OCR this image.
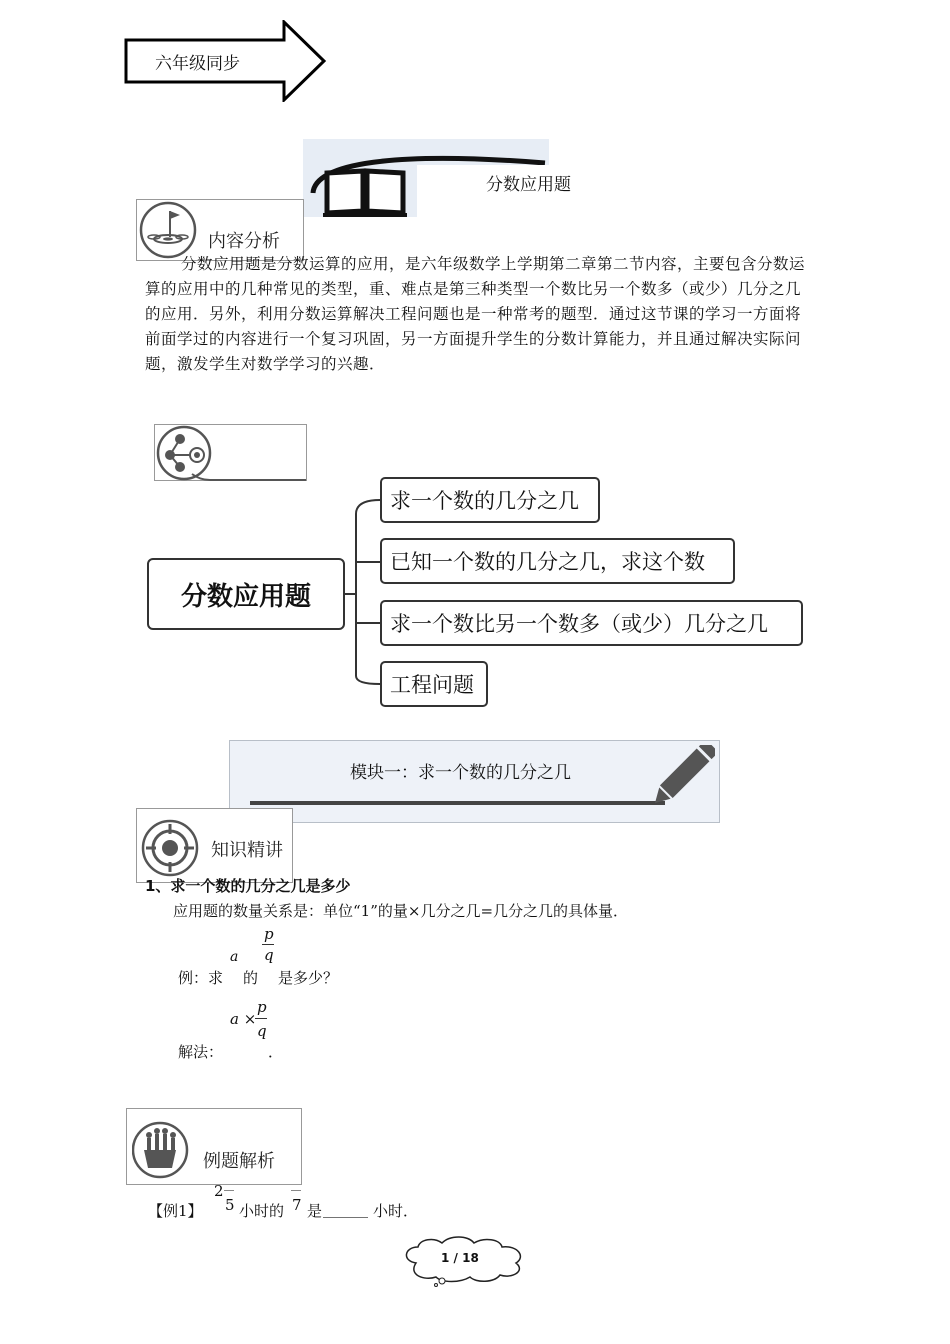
六年级同步
分数应用题
内容分析

分数应用题是分数运算的应用，是六年级数学上学期第二章第二节内容，主要包含分数运算的应用中的几种常见的类型，重、难点是第三种类型一个数比另一个数多（或少）几分之几的应用．另外，利用分数运算解决工程问题也是一种常考的题型．通过这节课的学习一方面将前面学过的内容进行一个复习巩固，另一方面提升学生的分数计算能力，并且通过解决实际问题，激发学生对数学学习的兴趣．

分数应用题
求一个数的几分之几
已知一个数的几分之几，求这个数
求一个数比另一个数多（或少）几分之几
工程问题
模块一：求一个数的几分之几
知识精讲
1、求一个数的几分之几是多少
应用题的数量关系是：单位“1”的量×几分之几=几分之几的具体量．
例：求
a
的
p
q
是多少？
解法：
a ×
p
q
．
例题解析
【例1】
2
5 小时的 7 是 ______ 小时．
1 / 18
